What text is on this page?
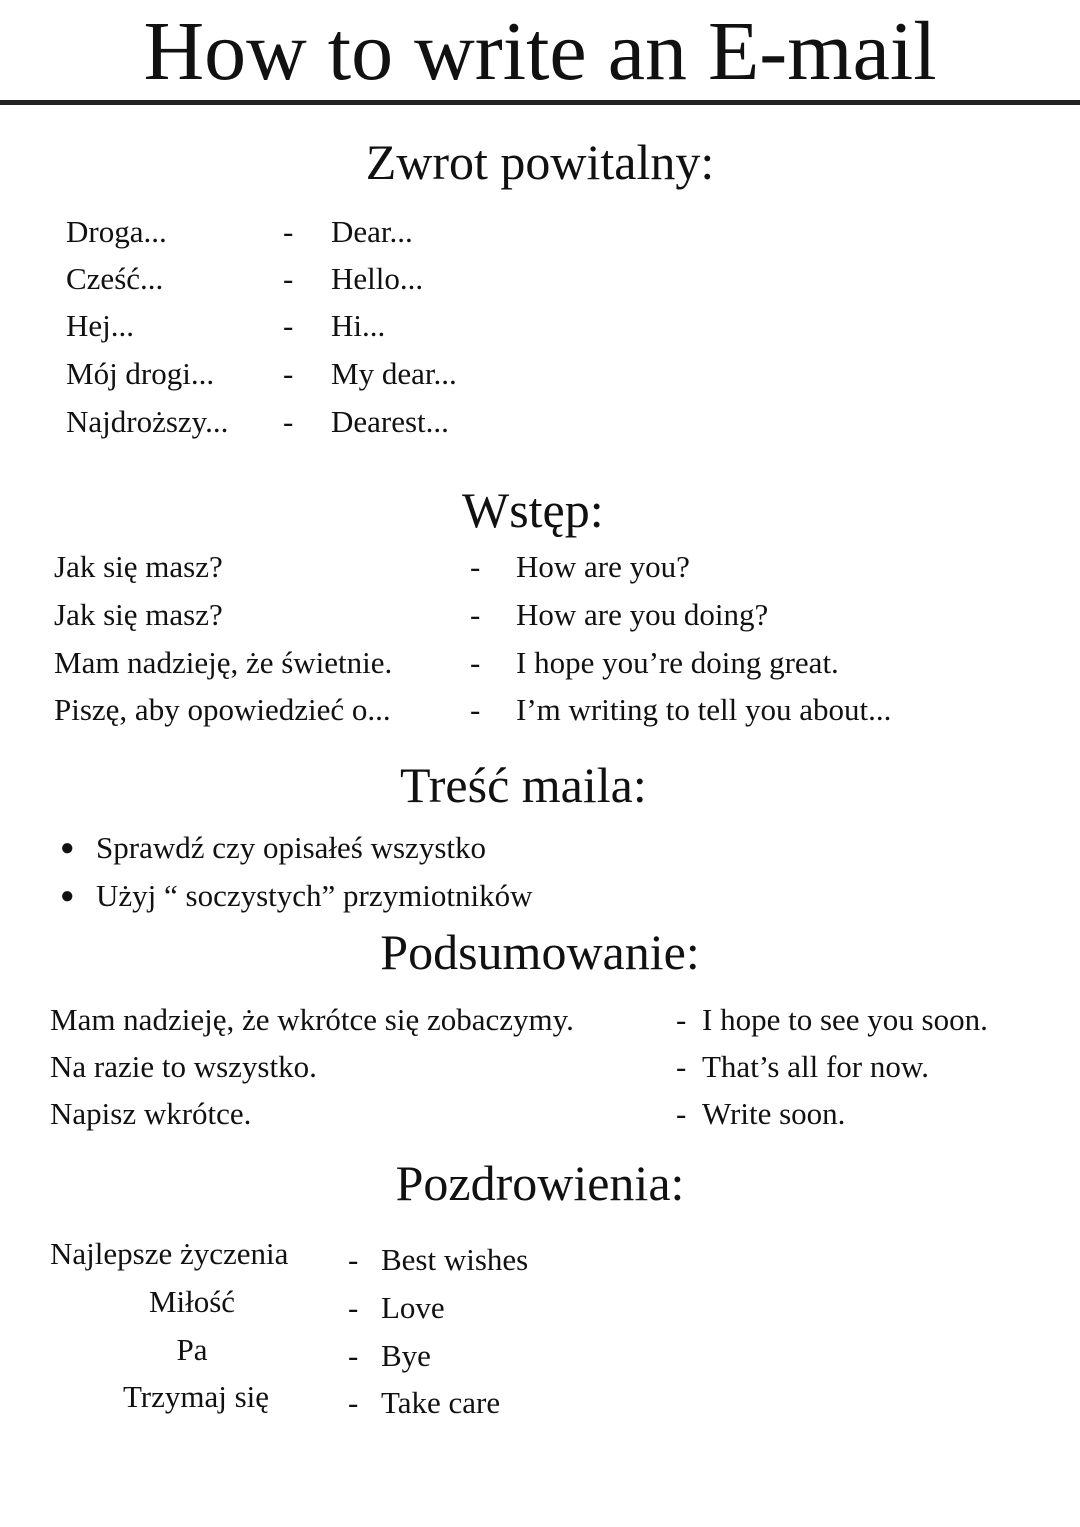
How to write an E-mail
Zwrot powitalny:
Droga...	- Dear...
Cześć...	- Hello...
Hej...	- Hi...
Mój drogi... - My dear...
Najdroższy... - Dearest...
Wstęp:
Jak się masz?	- How are you?
Jak się masz?	- How are you doing?
Mam nadzieję, że świetnie.	- I hope you’re doing great.
Piszę, aby opowiedzieć o...	- I’m writing to tell you about...
Treść maila:
● Sprawdź czy opisałeś wszystko
● Użyj “ soczystych” przymiotników
Podsumowanie:
Mam nadzieję, że wkrótce się zobaczymy.	- I hope to see you soon.
Na razie to wszystko.	- That’s all for now.
Napisz wkrótce.	- Write soon.
Pozdrowienia:
Najlepsze życzenia - Best wishes
Miłość	- Love
Pa	- Bye
Trzymaj się	- Take care
